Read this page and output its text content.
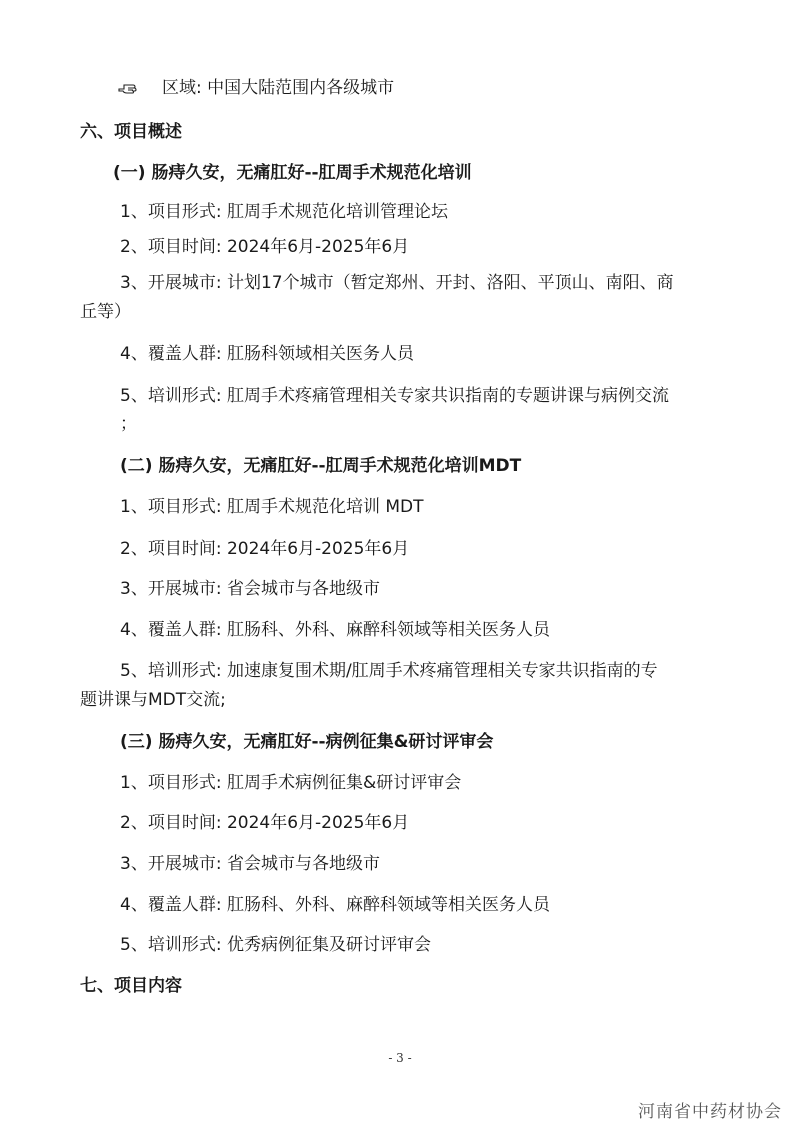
区域: 中国大陆范围内各级城市
六、项目概述
(一) 肠痔久安，无痛肛好--肛周手术规范化培训
1、项目形式: 肛周手术规范化培训管理论坛
2、项目时间: 2024年6月-2025年6月
3、开展城市: 计划17个城市（暂定郑州、开封、洛阳、平顶山、南阳、商
丘等）
4、覆盖人群: 肛肠科领域相关医务人员
5、培训形式: 肛周手术疼痛管理相关专家共识指南的专题讲课与病例交流
；
(二) 肠痔久安，无痛肛好--肛周手术规范化培训MDT
1、项目形式: 肛周手术规范化培训 MDT
2、项目时间: 2024年6月-2025年6月
3、开展城市: 省会城市与各地级市
4、覆盖人群: 肛肠科、外科、麻醉科领域等相关医务人员
5、培训形式: 加速康复围术期/肛周手术疼痛管理相关专家共识指南的专
题讲课与MDT交流;
(三) 肠痔久安，无痛肛好--病例征集&研讨评审会
1、项目形式: 肛周手术病例征集&研讨评审会
2、项目时间: 2024年6月-2025年6月
3、开展城市: 省会城市与各地级市
4、覆盖人群: 肛肠科、外科、麻醉科领域等相关医务人员
5、培训形式: 优秀病例征集及研讨评审会
七、项目内容
- 3 -
河南省中药材协会
